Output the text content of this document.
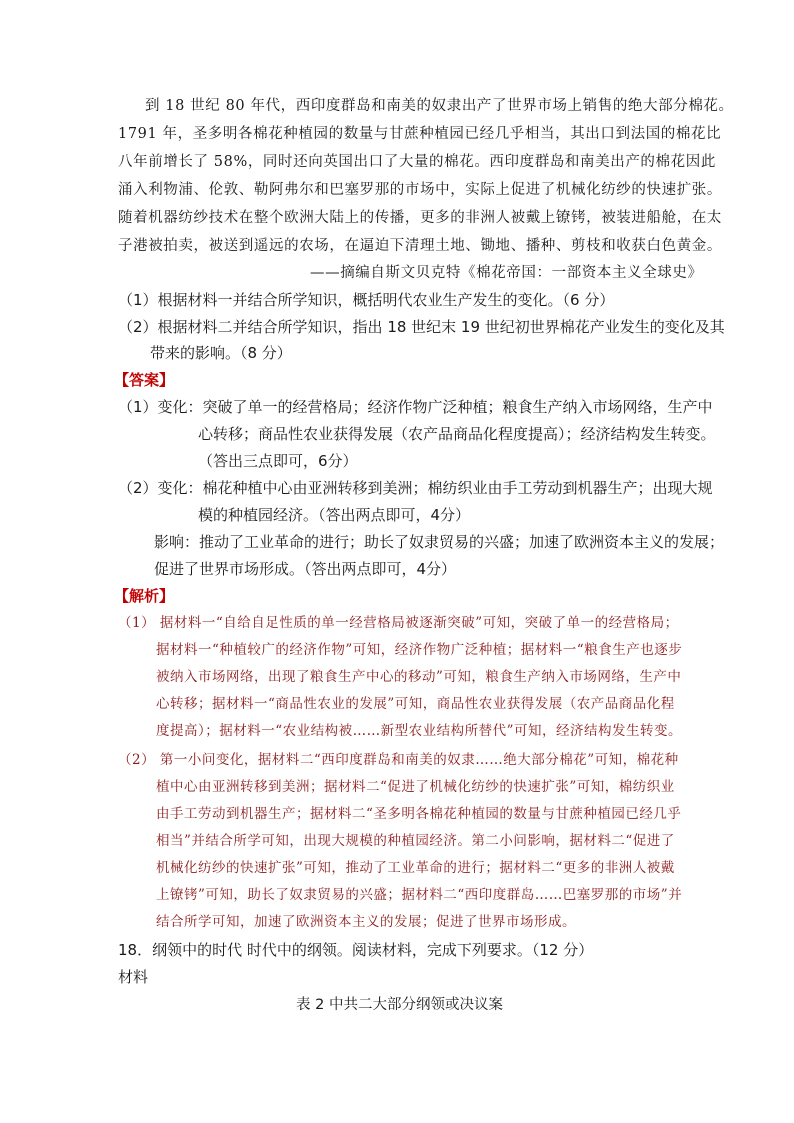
到 18 世纪 80 年代，西印度群岛和南美的奴隶出产了世界市场上销售的绝大部分棉花。
1791 年，圣多明各棉花种植园的数量与甘蔗种植园已经几乎相当，其出口到法国的棉花比
八年前增长了 58%，同时还向英国出口了大量的棉花。西印度群岛和南美出产的棉花因此
涌入利物浦、伦敦、勒阿弗尔和巴塞罗那的市场中，实际上促进了机械化纺纱的快速扩张。
随着机器纺纱技术在整个欧洲大陆上的传播，更多的非洲人被戴上镣铐，被装进船舱，在太
子港被拍卖，被送到遥远的农场，在逼迫下清理土地、锄地、播种、剪枝和收获白色黄金。
——摘编自斯文贝克特《棉花帝国：一部资本主义全球史》
（1）根据材料一并结合所学知识，概括明代农业生产发生的变化。（6 分）
（2）根据材料二并结合所学知识，指出 18 世纪末 19 世纪初世界棉花产业发生的变化及其
带来的影响。（8 分）
【答案】
（1）变化：突破了单一的经营格局；经济作物广泛种植；粮食生产纳入市场网络，生产中
心转移；商品性农业获得发展（农产品商品化程度提高）；经济结构发生转变。
（答出三点即可，6分）
（2）变化：棉花种植中心由亚洲转移到美洲；棉纺织业由手工劳动到机器生产；出现大规
模的种植园经济。（答出两点即可，4分）
影响：推动了工业革命的进行；助长了奴隶贸易的兴盛；加速了欧洲资本主义的发展；
促进了世界市场形成。（答出两点即可，4分）
【解析】
（1） 据材料一“自给自足性质的单一经营格局被逐渐突破”可知，突破了单一的经营格局；
据材料一“种植较广的经济作物”可知，经济作物广泛种植；据材料一“粮食生产也逐步
被纳入市场网络，出现了粮食生产中心的移动”可知，粮食生产纳入市场网络，生产中
心转移；据材料一“商品性农业的发展”可知，商品性农业获得发展（农产品商品化程
度提高）；据材料一“农业结构被……新型农业结构所替代”可知，经济结构发生转变。
（2） 第一小问变化，据材料二“西印度群岛和南美的奴隶……绝大部分棉花”可知，棉花种
植中心由亚洲转移到美洲；据材料二“促进了机械化纺纱的快速扩张”可知，棉纺织业
由手工劳动到机器生产；据材料二“圣多明各棉花种植园的数量与甘蔗种植园已经几乎
相当”并结合所学可知，出现大规模的种植园经济。第二小问影响，据材料二“促进了
机械化纺纱的快速扩张”可知，推动了工业革命的进行；据材料二“更多的非洲人被戴
上镣铐”可知，助长了奴隶贸易的兴盛；据材料二“西印度群岛……巴塞罗那的市场”并
结合所学可知，加速了欧洲资本主义的发展；促进了世界市场形成。
18．纲领中的时代 时代中的纲领。阅读材料，完成下列要求。（12 分）
材料
表 2 中共二大部分纲领或决议案
